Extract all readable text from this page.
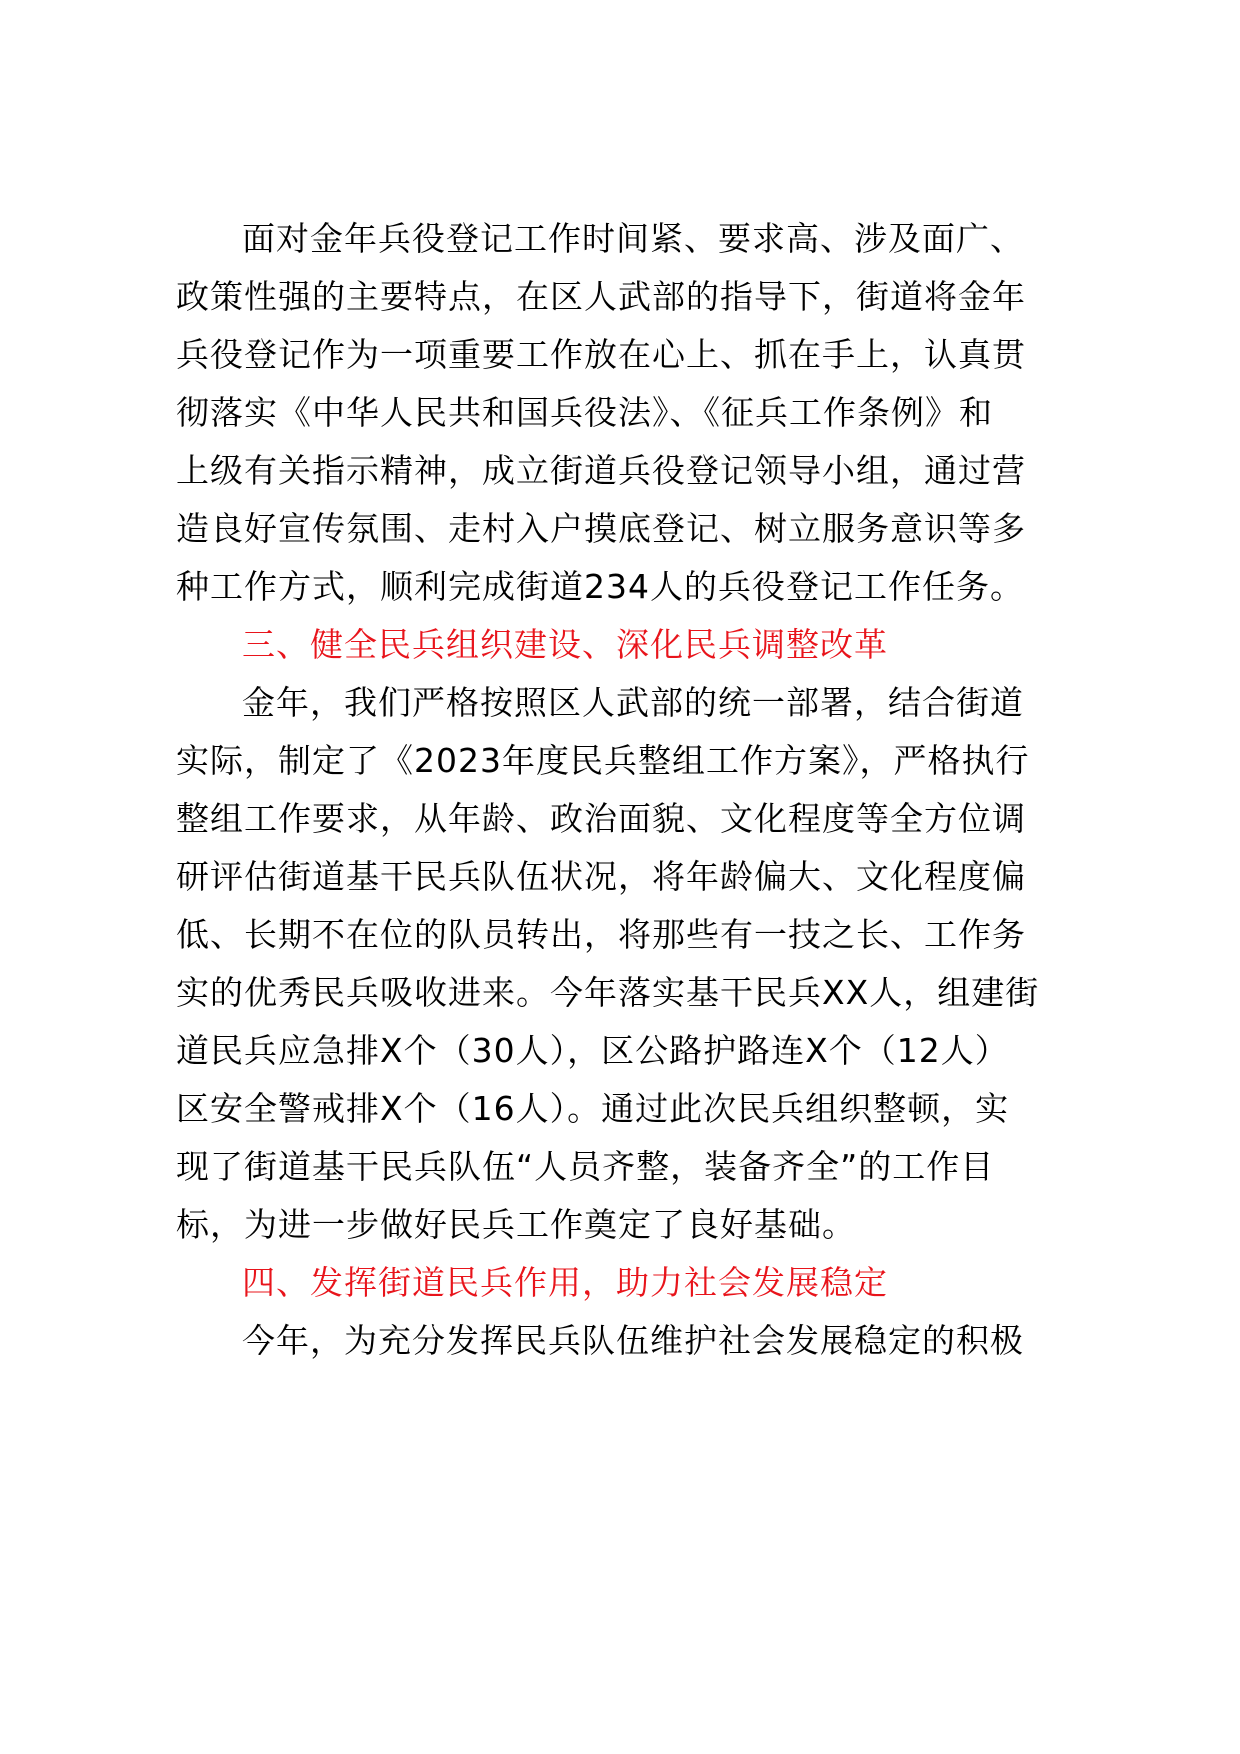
面对金年兵役登记工作时间紧、要求高、涉及面广、
政策性强的主要特点，在区人武部的指导下，街道将金年
兵役登记作为一项重要工作放在心上、抓在手上，认真贯
彻落实《中华人民共和国兵役法》、《征兵工作条例》和
上级有关指示精神，成立街道兵役登记领导小组，通过营
造良好宣传氛围、走村入户摸底登记、树立服务意识等多
种工作方式，顺利完成街道234人的兵役登记工作任务。
三、健全民兵组织建设、深化民兵调整改革
金年，我们严格按照区人武部的统一部署，结合街道
实际，制定了《2023年度民兵整组工作方案》，严格执行
整组工作要求，从年龄、政治面貌、文化程度等全方位调
研评估街道基干民兵队伍状况，将年龄偏大、文化程度偏
低、长期不在位的队员转出，将那些有一技之长、工作务
实的优秀民兵吸收进来。今年落实基干民兵XX人，组建街
道民兵应急排X个（30人），区公路护路连X个（12人）
区安全警戒排X个（16人）。通过此次民兵组织整顿，实
现了街道基干民兵队伍“人员齐整，装备齐全”的工作目
标，为进一步做好民兵工作奠定了良好基础。
四、发挥街道民兵作用，助力社会发展稳定
今年，为充分发挥民兵队伍维护社会发展稳定的积极
